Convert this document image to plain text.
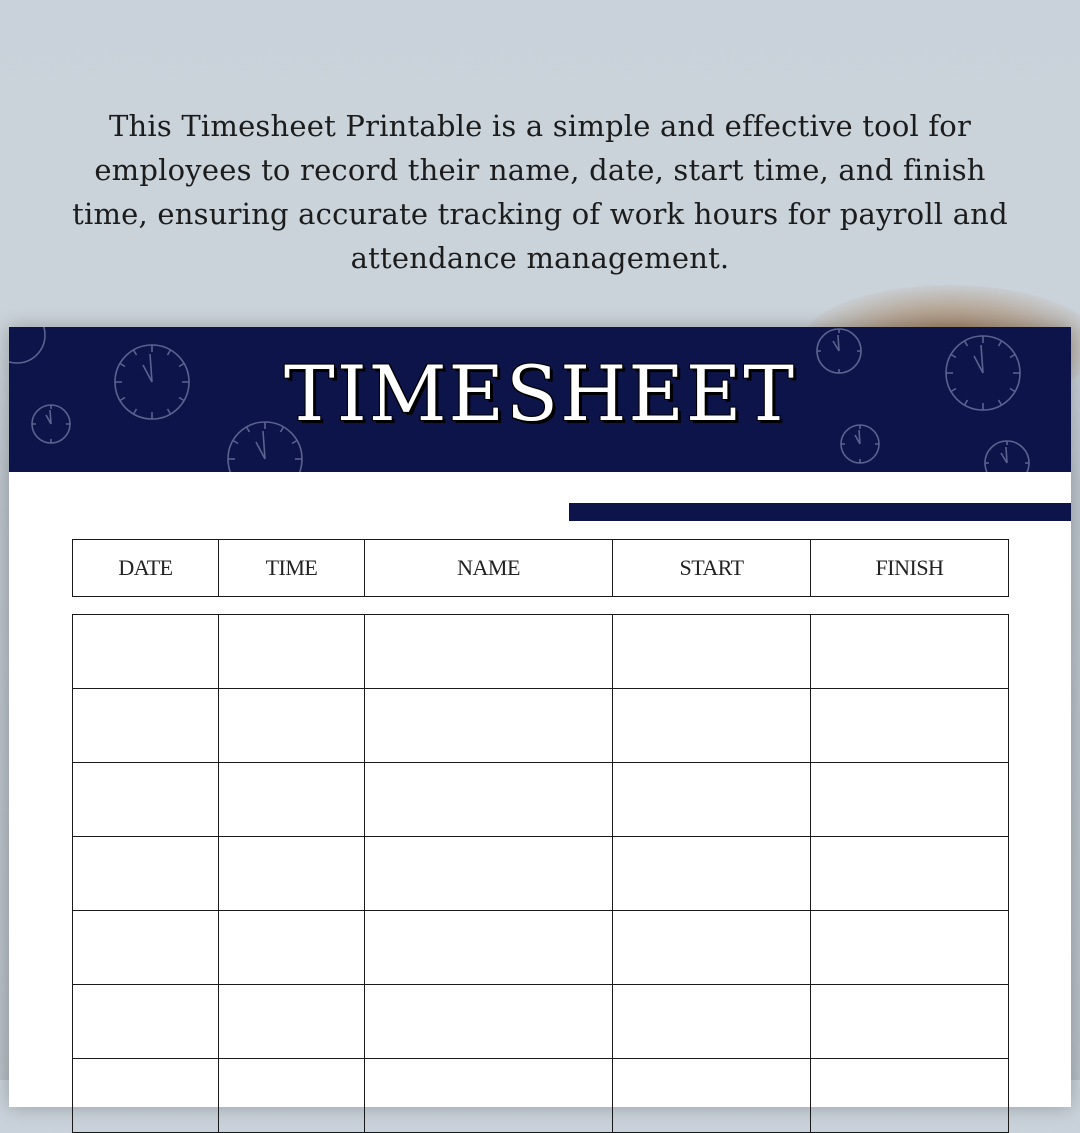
This Timesheet Printable is a simple and effective tool for employees to record their name, date, start time, and finish time, ensuring accurate tracking of work hours for payroll and attendance management.
TIMESHEET
DATE	TIME	NAME	START	FINISH
